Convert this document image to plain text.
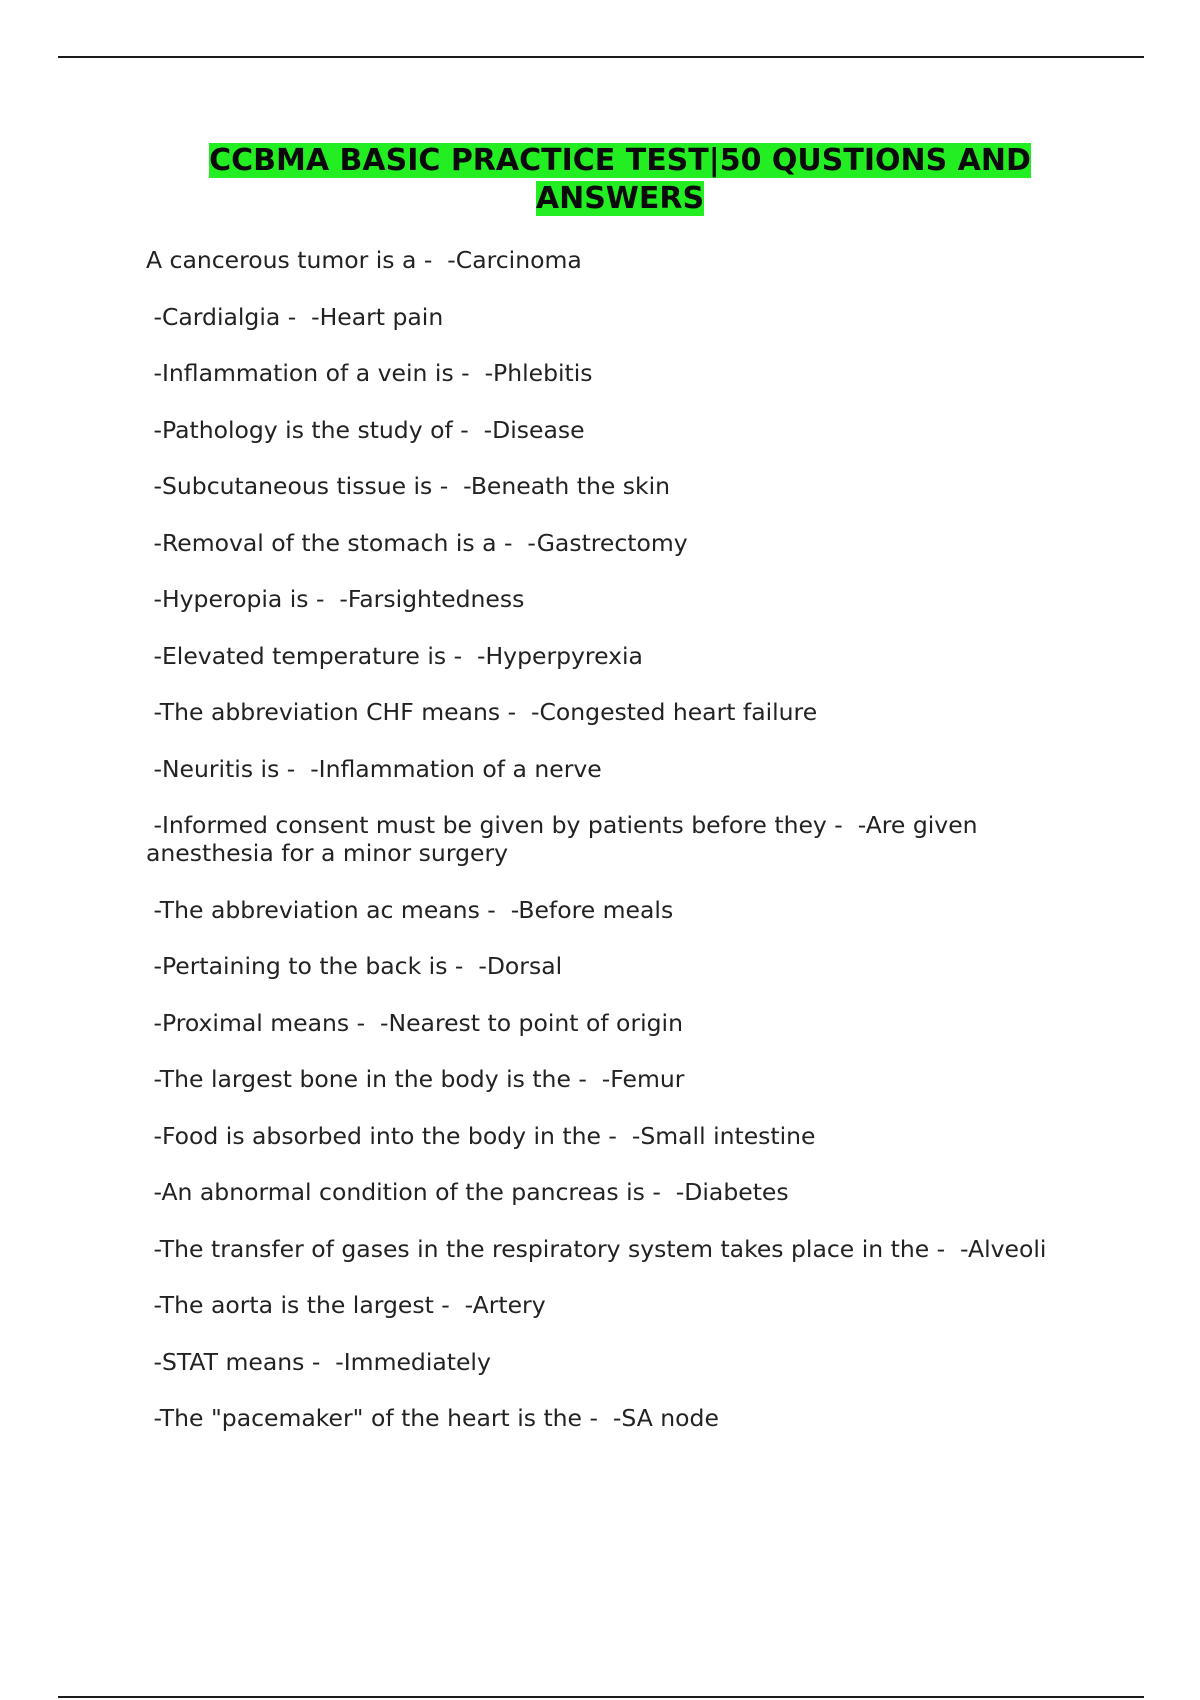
CCBMA BASIC PRACTICE TEST|50 QUSTIONS AND ANSWERS
A cancerous tumor is a -  -Carcinoma
-Cardialgia -  -Heart pain
-Inflammation of a vein is -  -Phlebitis
-Pathology is the study of -  -Disease
-Subcutaneous tissue is -  -Beneath the skin
-Removal of the stomach is a -  -Gastrectomy
-Hyperopia is -  -Farsightedness
-Elevated temperature is -  -Hyperpyrexia
-The abbreviation CHF means -  -Congested heart failure
-Neuritis is -  -Inflammation of a nerve
-Informed consent must be given by patients before they -  -Are given anesthesia for a minor surgery
-The abbreviation ac means -  -Before meals
-Pertaining to the back is -  -Dorsal
-Proximal means -  -Nearest to point of origin
-The largest bone in the body is the -  -Femur
-Food is absorbed into the body in the -  -Small intestine
-An abnormal condition of the pancreas is -  -Diabetes
-The transfer of gases in the respiratory system takes place in the -  -Alveoli
-The aorta is the largest -  -Artery
-STAT means -  -Immediately
-The "pacemaker" of the heart is the -  -SA node
